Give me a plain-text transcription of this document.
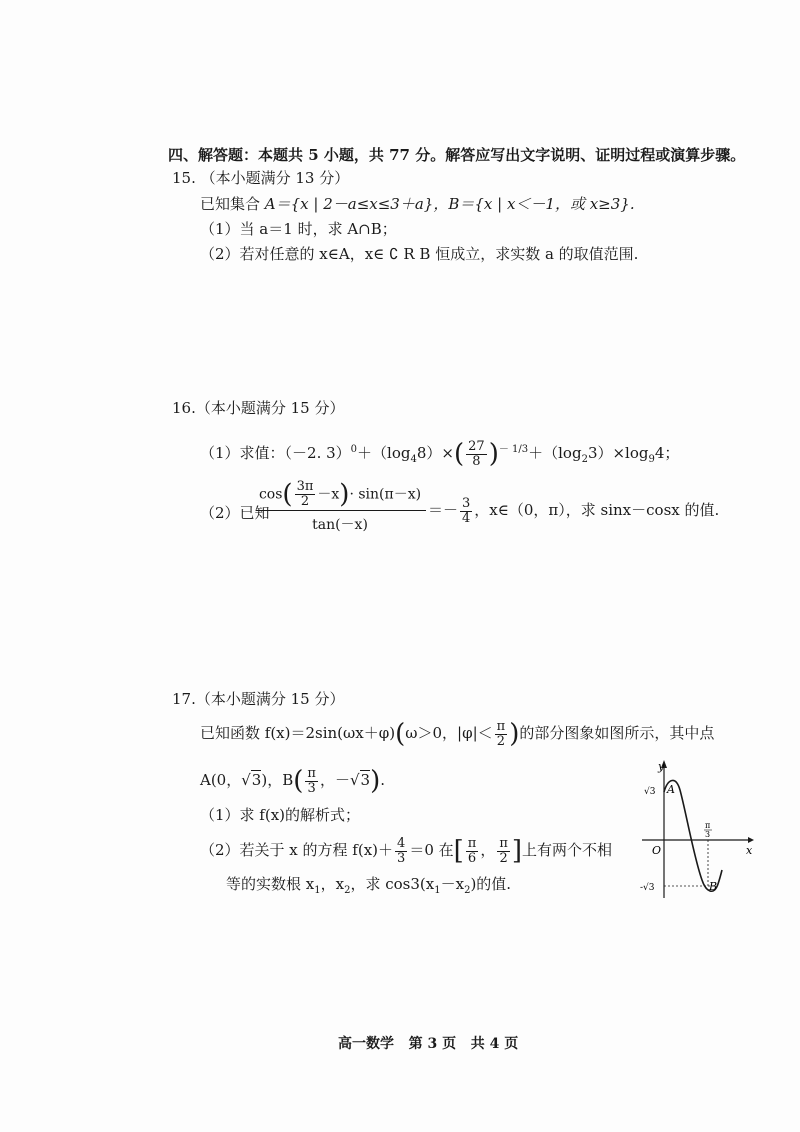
四、解答题：本题共 5 小题，共 77 分。解答应写出文字说明、证明过程或演算步骤。
15. （本小题满分 13 分）
已知集合 A＝{x | 2－a≤x≤3＋a}，B＝{x | x＜－1，或 x≥3}.
（1）当 a＝1 时，求 A∩B；
（2）若对任意的 x∈A，x∈ ∁ R B 恒成立，求实数 a 的取值范围.
16.（本小题满分 15 分）
（1）求值：（－2. $3)^0+(\log_48)\times( \frac{27}{8} )^{- 1/3}+(\log_23)\times\log_94$；
（2）已知
$\cos( \frac{3\pi}{2} -x)\cdot \sin(\pi-x)$
tan(－x)
＝－ $\frac{3}{4}$ ，x∈（0，π），求 sinx－cosx 的值.
17.（本小题满分 15 分）
已知函数 f(x)＝2sin(ωx＋φ)(ω＞0，$|\varphi|< \frac{\pi}{2}$ )的部分图象如图所示，其中点
A(0，√3)，$B( \frac{\pi}{3}$ ，－√3).
（1）求 f(x)的解析式；
（2）若关于 x 的方程 $f(x)+ \frac{4}{3} =0$ 在[ $\frac{\pi}{6}$ ， $\frac{\pi}{2}$ ]上有两个不相
等的实数根 $x_1$，$x_2$，求 $\cos 3(x_1-x_2)$的值.
y
x
O
A
B
√3
-√3
π
3
高一数学   第 3 页   共 4 页
